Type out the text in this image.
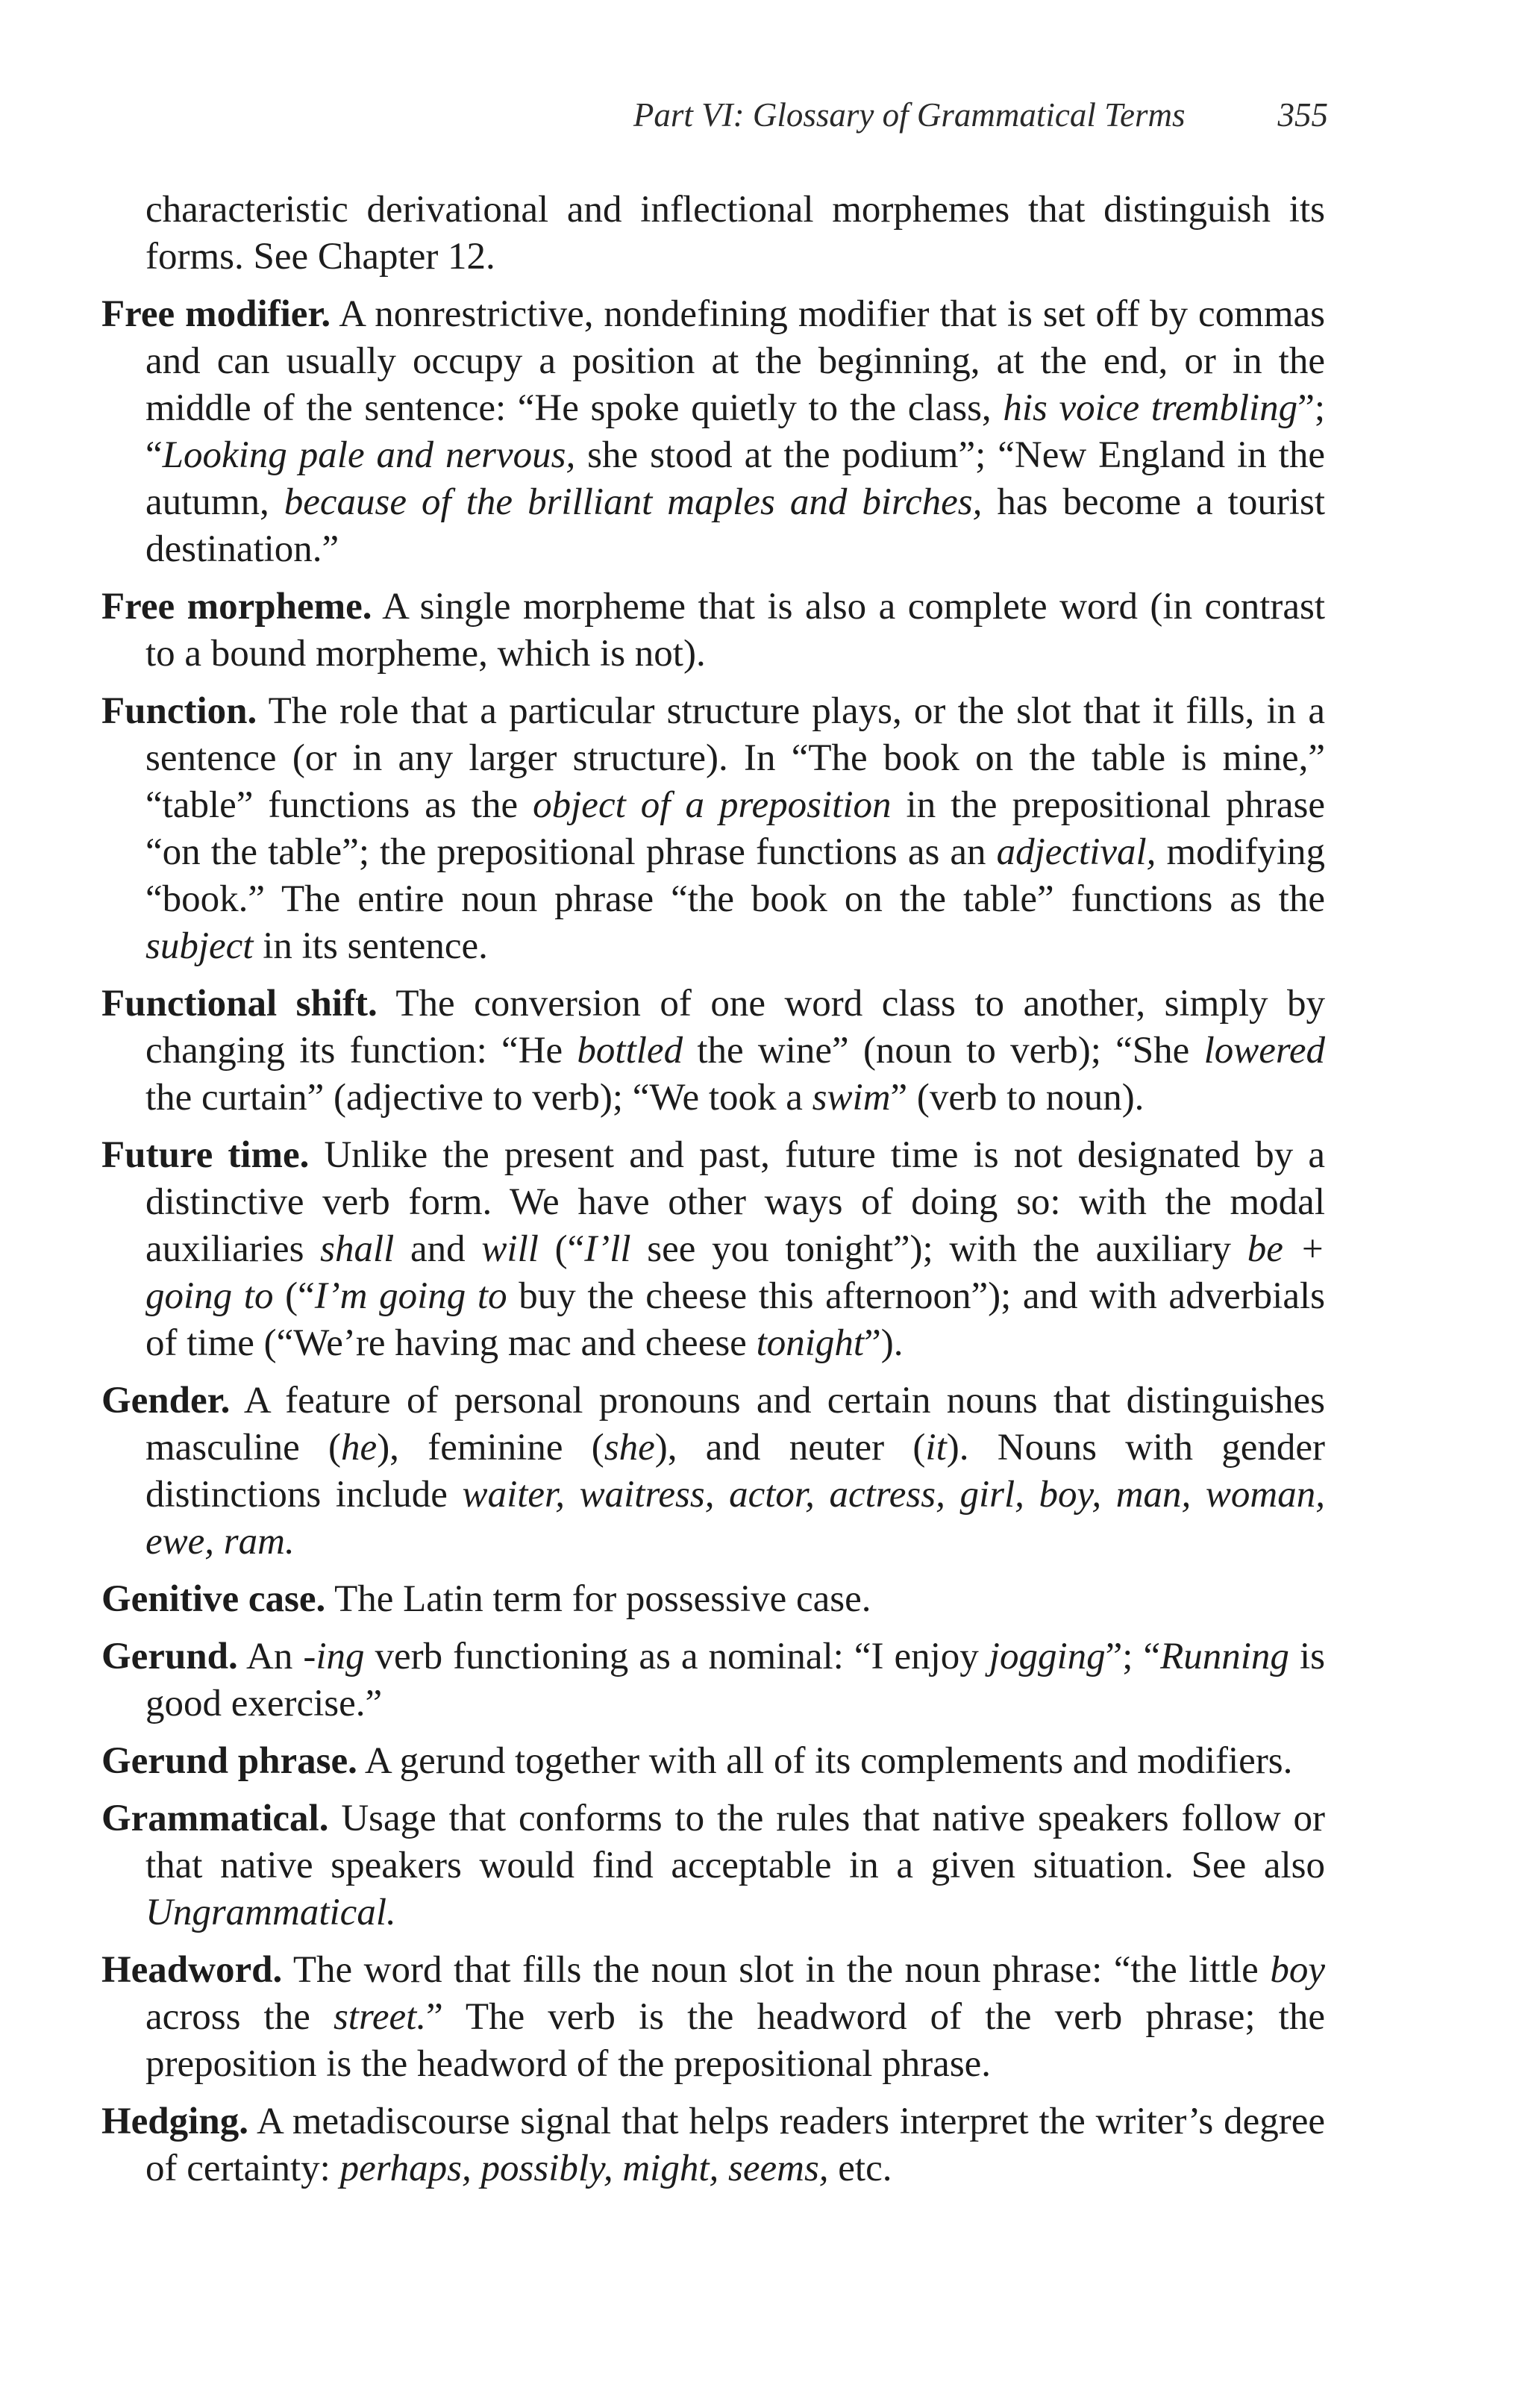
Part VI: Glossary of Grammatical Terms	355

characteristic derivational and inflectional morphemes that distinguish its forms. See Chapter 12.

Free modifier. A nonrestrictive, nondefining modifier that is set off by commas and can usually occupy a position at the beginning, at the end, or in the middle of the sentence: “He spoke quietly to the class, his voice trembling”; “Looking pale and nervous, she stood at the podium”; “New England in the autumn, because of the brilliant maples and birches, has become a tourist destination.”

Free morpheme. A single morpheme that is also a complete word (in contrast to a bound morpheme, which is not).

Function. The role that a particular structure plays, or the slot that it fills, in a sentence (or in any larger structure). In “The book on the table is mine,” “table” functions as the object of a preposition in the prepositional phrase “on the table”; the prepositional phrase functions as an adjectival, modifying “book.” The entire noun phrase “the book on the table” functions as the subject in its sentence.

Functional shift. The conversion of one word class to another, simply by changing its function: “He bottled the wine” (noun to verb); “She lowered the curtain” (adjective to verb); “We took a swim” (verb to noun).

Future time. Unlike the present and past, future time is not designated by a distinctive verb form. We have other ways of doing so: with the modal auxiliaries shall and will (“I’ll see you tonight”); with the auxiliary be + going to (“I’m going to buy the cheese this afternoon”); and with adverbials of time (“We’re having mac and cheese tonight”).

Gender. A feature of personal pronouns and certain nouns that distinguishes masculine (he), feminine (she), and neuter (it). Nouns with gender distinctions include waiter, waitress, actor, actress, girl, boy, man, woman, ewe, ram.

Genitive case. The Latin term for possessive case.

Gerund. An -ing verb functioning as a nominal: “I enjoy jogging”; “Running is good exercise.”

Gerund phrase. A gerund together with all of its complements and modifiers.

Grammatical. Usage that conforms to the rules that native speakers follow or that native speakers would find acceptable in a given situation. See also Ungrammatical.

Headword. The word that fills the noun slot in the noun phrase: “the little boy across the street.” The verb is the headword of the verb phrase; the preposition is the headword of the prepositional phrase.

Hedging. A metadiscourse signal that helps readers interpret the writer’s degree of certainty: perhaps, possibly, might, seems, etc.
